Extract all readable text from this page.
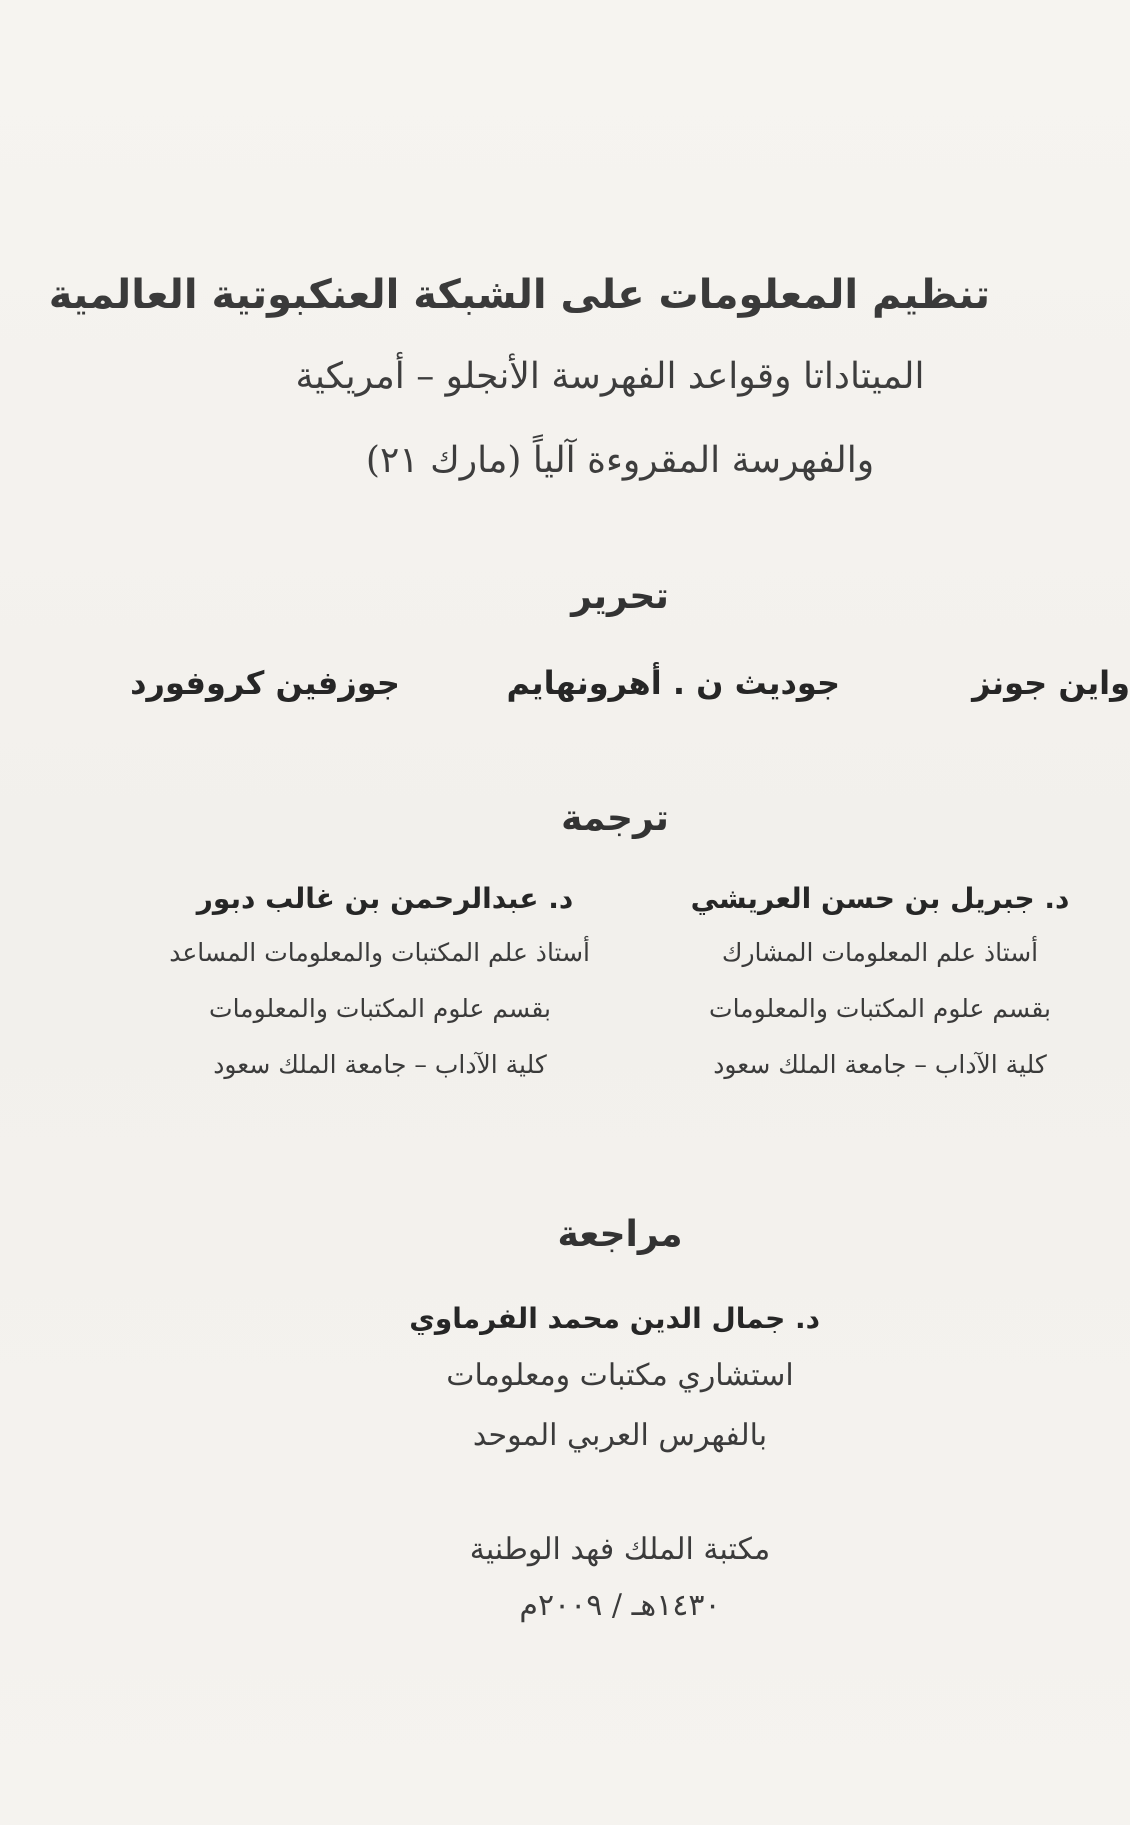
تنظيم المعلومات على الشبكة العنكبوتية العالمية
الميتاداتا وقواعد الفهرسة الأنجلو – أمريكية
والفهرسة المقروءة آلياً (مارك ٢١)
تحرير
واين جونز
جوديث ن . أهرونهايم
جوزفين كروفورد
ترجمة
د. جبريل بن حسن العريشي
أستاذ علم المعلومات المشارك
بقسم علوم المكتبات والمعلومات
كلية الآداب – جامعة الملك سعود
د. عبدالرحمن بن غالب دبور
أستاذ علم المكتبات والمعلومات المساعد
بقسم علوم المكتبات والمعلومات
كلية الآداب – جامعة الملك سعود
مراجعة
د. جمال الدين محمد الفرماوي
استشاري مكتبات ومعلومات
بالفهرس العربي الموحد
مكتبة الملك فهد الوطنية
١٤٣٠هـ / ٢٠٠٩م
